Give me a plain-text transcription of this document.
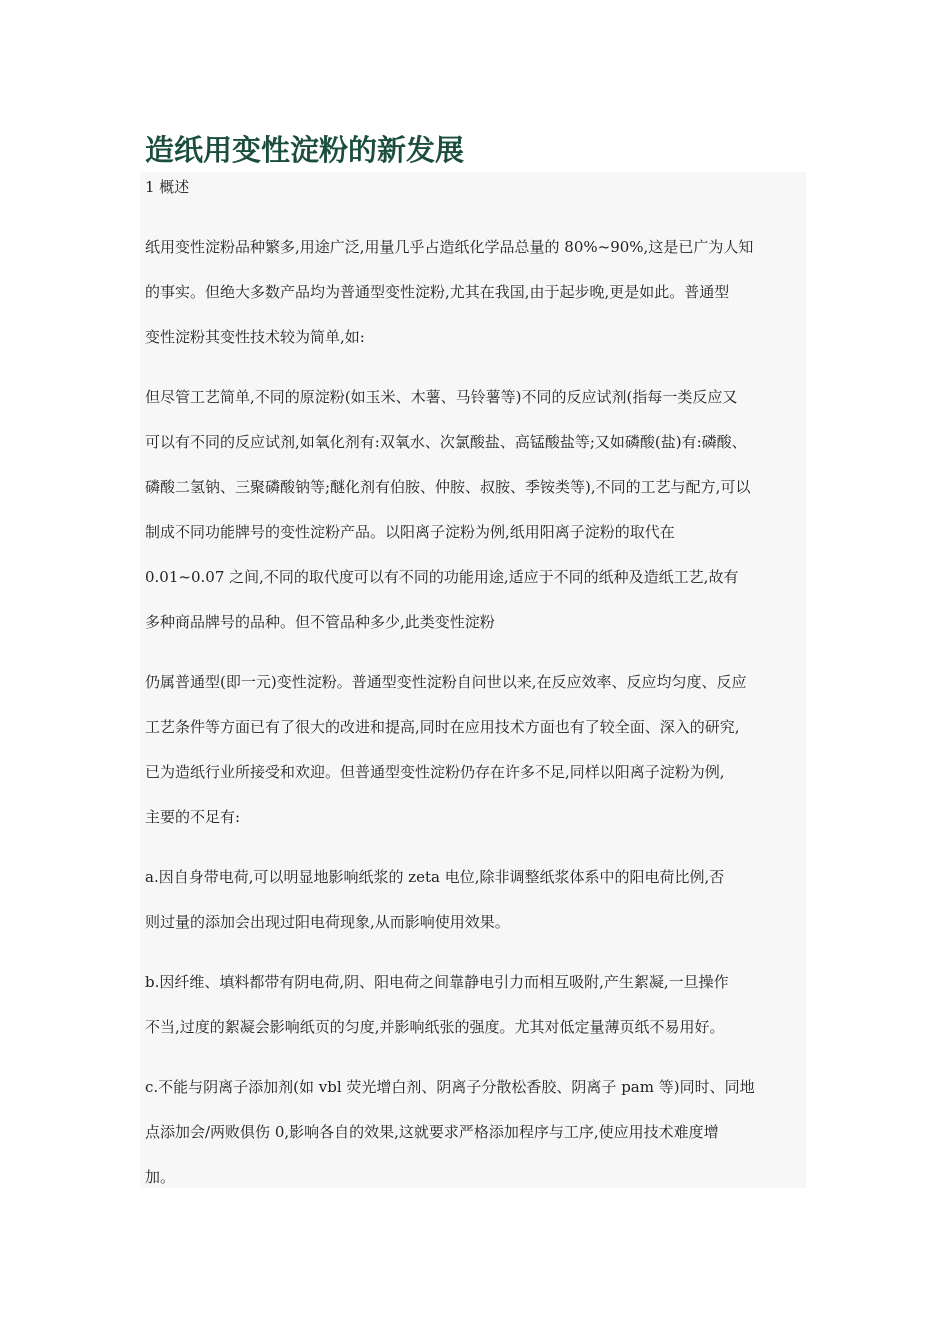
造纸用变性淀粉的新发展
1 概述
纸用变性淀粉品种繁多,用途广泛,用量几乎占造纸化学品总量的 80%~90%,这是已广为人知
的事实。但绝大多数产品均为普通型变性淀粉,尤其在我国,由于起步晚,更是如此。普通型
变性淀粉其变性技术较为简单,如:
但尽管工艺简单,不同的原淀粉(如玉米、木薯、马铃薯等)不同的反应试剂(指每一类反应又
可以有不同的反应试剂,如氧化剂有:双氧水、次氯酸盐、高锰酸盐等;又如磷酸(盐)有:磷酸、
磷酸二氢钠、三聚磷酸钠等;醚化剂有伯胺、仲胺、叔胺、季铵类等),不同的工艺与配方,可以
制成不同功能牌号的变性淀粉产品。以阳离子淀粉为例,纸用阳离子淀粉的取代在
0.01~0.07 之间,不同的取代度可以有不同的功能用途,适应于不同的纸种及造纸工艺,故有
多种商品牌号的品种。但不管品种多少,此类变性淀粉
仍属普通型(即一元)变性淀粉。普通型变性淀粉自问世以来,在反应效率、反应均匀度、反应
工艺条件等方面已有了很大的改进和提高,同时在应用技术方面也有了较全面、深入的研究,
已为造纸行业所接受和欢迎。但普通型变性淀粉仍存在许多不足,同样以阳离子淀粉为例,
主要的不足有:
a.因自身带电荷,可以明显地影响纸浆的 zeta 电位,除非调整纸浆体系中的阳电荷比例,否
则过量的添加会出现过阳电荷现象,从而影响使用效果。
b.因纤维、填料都带有阴电荷,阴、阳电荷之间靠静电引力而相互吸附,产生絮凝,一旦操作
不当,过度的絮凝会影响纸页的匀度,并影响纸张的强度。尤其对低定量薄页纸不易用好。
c.不能与阴离子添加剂(如 vbl 荧光增白剂、阴离子分散松香胶、阴离子 pam 等)同时、同地
点添加会/两败俱伤 0,影响各自的效果,这就要求严格添加程序与工序,使应用技术难度增
加。
